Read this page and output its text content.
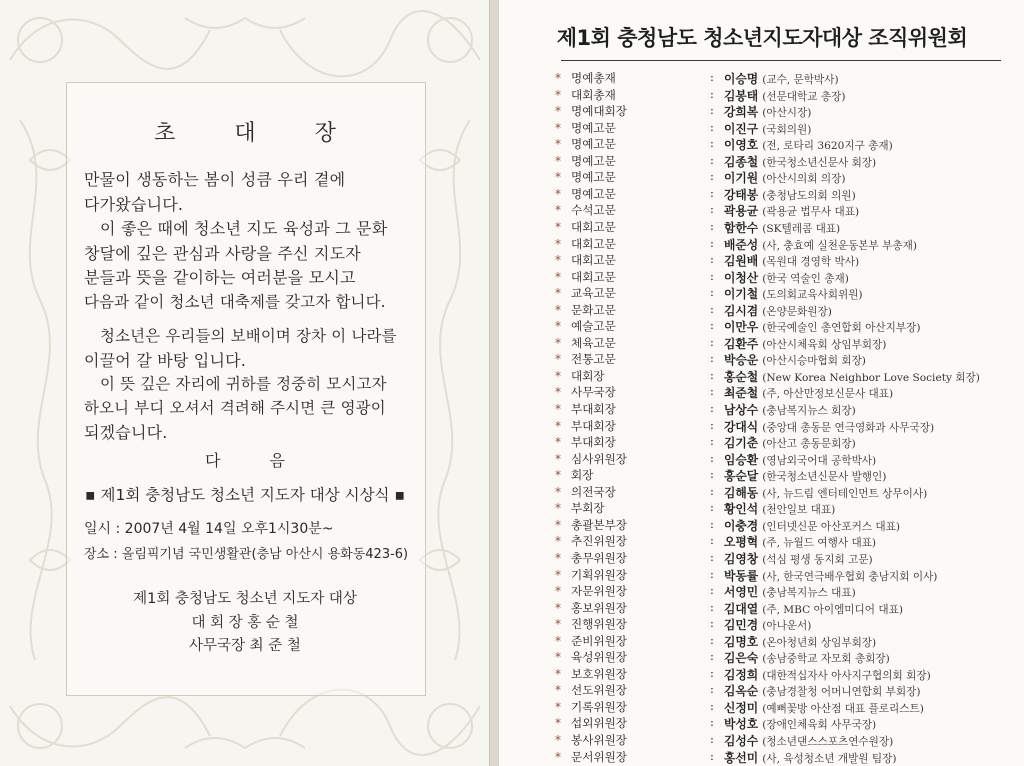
초 대 장
만물이 생동하는 봄이 성큼 우리 곁에
다가왔습니다.
이 좋은 때에 청소년 지도 육성과 그 문화
창달에 깊은 관심과 사랑을 주신 지도자
분들과 뜻을 같이하는 여러분을 모시고
다음과 같이 청소년 대축제를 갖고자 합니다.
청소년은 우리들의 보배이며 장차 이 나라를
이끌어 갈 바탕 입니다.
이 뜻 깊은 자리에 귀하를 정중히 모시고자
하오니 부디 오셔서 격려해 주시면 큰 영광이
되겠습니다.
다 음
▪ 제1회 충청남도 청소년 지도자 대상 시상식 ▪
일시 : 2007년 4월 14일 오후1시30분~
장소 : 올림픽기념 국민생활관(충남 아산시 용화동423-6)
제1회 충청남도 청소년 지도자 대상
대 회 장 홍 순 철
사무국장 최 준 철
제1회 충청남도 청소년지도자대상 조직위원회
* 명예총재	: 이승명 (교수, 문학박사)
* 대회총재	: 김봉태 (선문대학교 총장)
* 명예대회장	: 강희복 (아산시장)
* 명예고문	: 이진구 (국회의원)
* 명예고문	: 이영호 (전, 로타리 3620지구 총재)
* 명예고문	: 김종철 (한국청소년신문사 회장)
* 명예고문	: 이기원 (아산시의회 의장)
* 명예고문	: 강태봉 (충청남도의회 의원)
* 수석고문	: 곽용균 (곽용균 법무사 대표)
* 대회고문	: 함한수 (SK텔레콤 대표)
* 대회고문	: 배준성 (사, 충효예 실천운동본부 부총재)
* 대회고문	: 김원배 (목원대 경영학 박사)
* 대회고문	: 이청산 (한국 역술인 총재)
* 교육고문	: 이기철 (도의회교육사회위원)
* 문화고문	: 김시겸 (온양문화원장)
* 예술고문	: 이만우 (한국예술인 총연합회 아산지부장)
* 체육고문	: 김환주 (아산시체육회 상임부회장)
* 전통고문	: 박승운 (아산시승마협회 회장)
* 대회장	: 홍순철 (New Korea Neighbor Love Society 회장)
* 사무국장	: 최준철 (주, 아산만정보신문사 대표)
* 부대회장	: 남상수 (충남복지뉴스 회장)
* 부대회장	: 강대식 (중앙대 총동문 연극영화과 사무국장)
* 부대회장	: 김기춘 (아산고 총동문회장)
* 심사위원장	: 임승환 (영남외국어대 공학박사)
* 회장	: 홍순달 (한국청소년신문사 발행인)
* 의전국장	: 김해동 (사, 뉴드림 엔터테인먼트 상무이사)
* 부회장	: 황인석 (천안일보 대표)
* 총괄본부장	: 이충경 (인터넷신문 아산포커스 대표)
* 추진위원장	: 오평혁 (주, 뉴월드 여행사 대표)
* 총무위원장	: 김영창 (석심 평생 동지회 고문)
* 기획위원장	: 박동률 (사, 한국연극배우협회 충남지회 이사)
* 자문위원장	: 서영민 (충남복지뉴스 대표)
* 홍보위원장	: 김대열 (주, MBC 아이엠미디어 대표)
* 진행위원장	: 김민경 (아나운서)
* 준비위원장	: 김명호 (온아청년회 상임부회장)
* 육성위원장	: 김은숙 (송남중학교 자모회 총회장)
* 보호위원장	: 김정희 (대한적십자사 아사지구협의회 회장)
* 선도위원장	: 김옥순 (충남경찰청 어머니연합회 부회장)
* 기록위원장	: 신정미 (예뻐꽃방 아산점 대표 플로리스트)
* 섭외위원장	: 박성호 (장애인체육회 사무국장)
* 봉사위원장	: 김성수 (청소년댄스스포츠연수원장)
* 문서위원장	: 홍선미 (사, 육성청소년 개발원 팀장)
